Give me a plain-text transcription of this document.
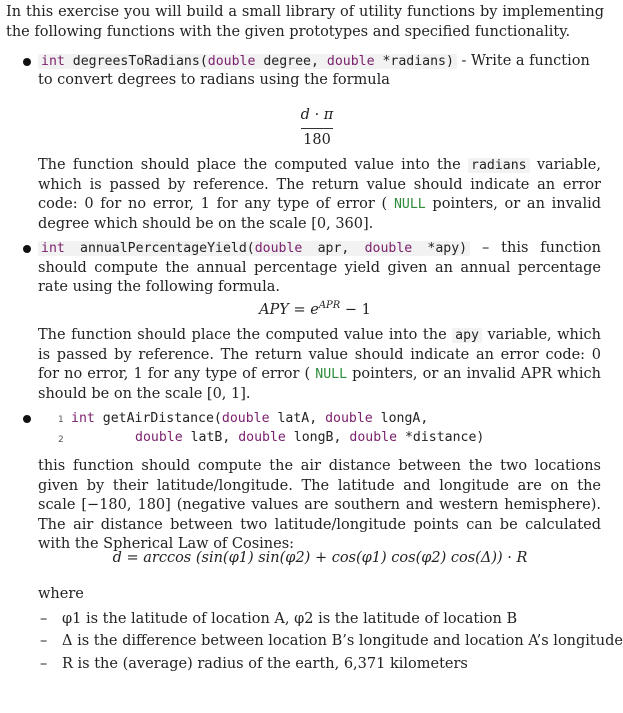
In this exercise you will build a small library of utility functions by implementing the following functions with the given prototypes and specified functionality.
int degreesToRadians(double degree, double *radians) - Write a function
to convert degrees to radians using the formula
d · π
180
The function should place the computed value into the radians variable, which is passed by reference. The return value should indicate an error code: 0 for no error, 1 for any type of error ( NULL pointers, or an invalid degree which should be on the scale [0, 360].
int annualPercentageYield(double apr, double *apy) – this function should compute the annual percentage yield given an annual percentage rate using the following formula.
APY = $e^{APR} - 1$
The function should place the computed value into the apy variable, which is passed by reference. The return value should indicate an error code: 0 for no error, 1 for any type of error ( NULL pointers, or an invalid APR which should be on the scale [0, 1].
1
2
int getAirDistance(double latA, double longA,
double latB, double longB, double *distance)
this function should compute the air distance between the two locations given by their latitude/longitude. The latitude and longitude are on the scale [−180, 180] (negative values are southern and western hemisphere). The air distance between two latitude/longitude points can be calculated with the Spherical Law of Cosines:
d = arccos (sin(φ1) sin(φ2) + cos(φ1) cos(φ2) cos(Δ)) · R
where
– φ1 is the latitude of location A, φ2 is the latitude of location B
– Δ is the difference between location B’s longitude and location A’s longitude
– R is the (average) radius of the earth, 6,371 kilometers
